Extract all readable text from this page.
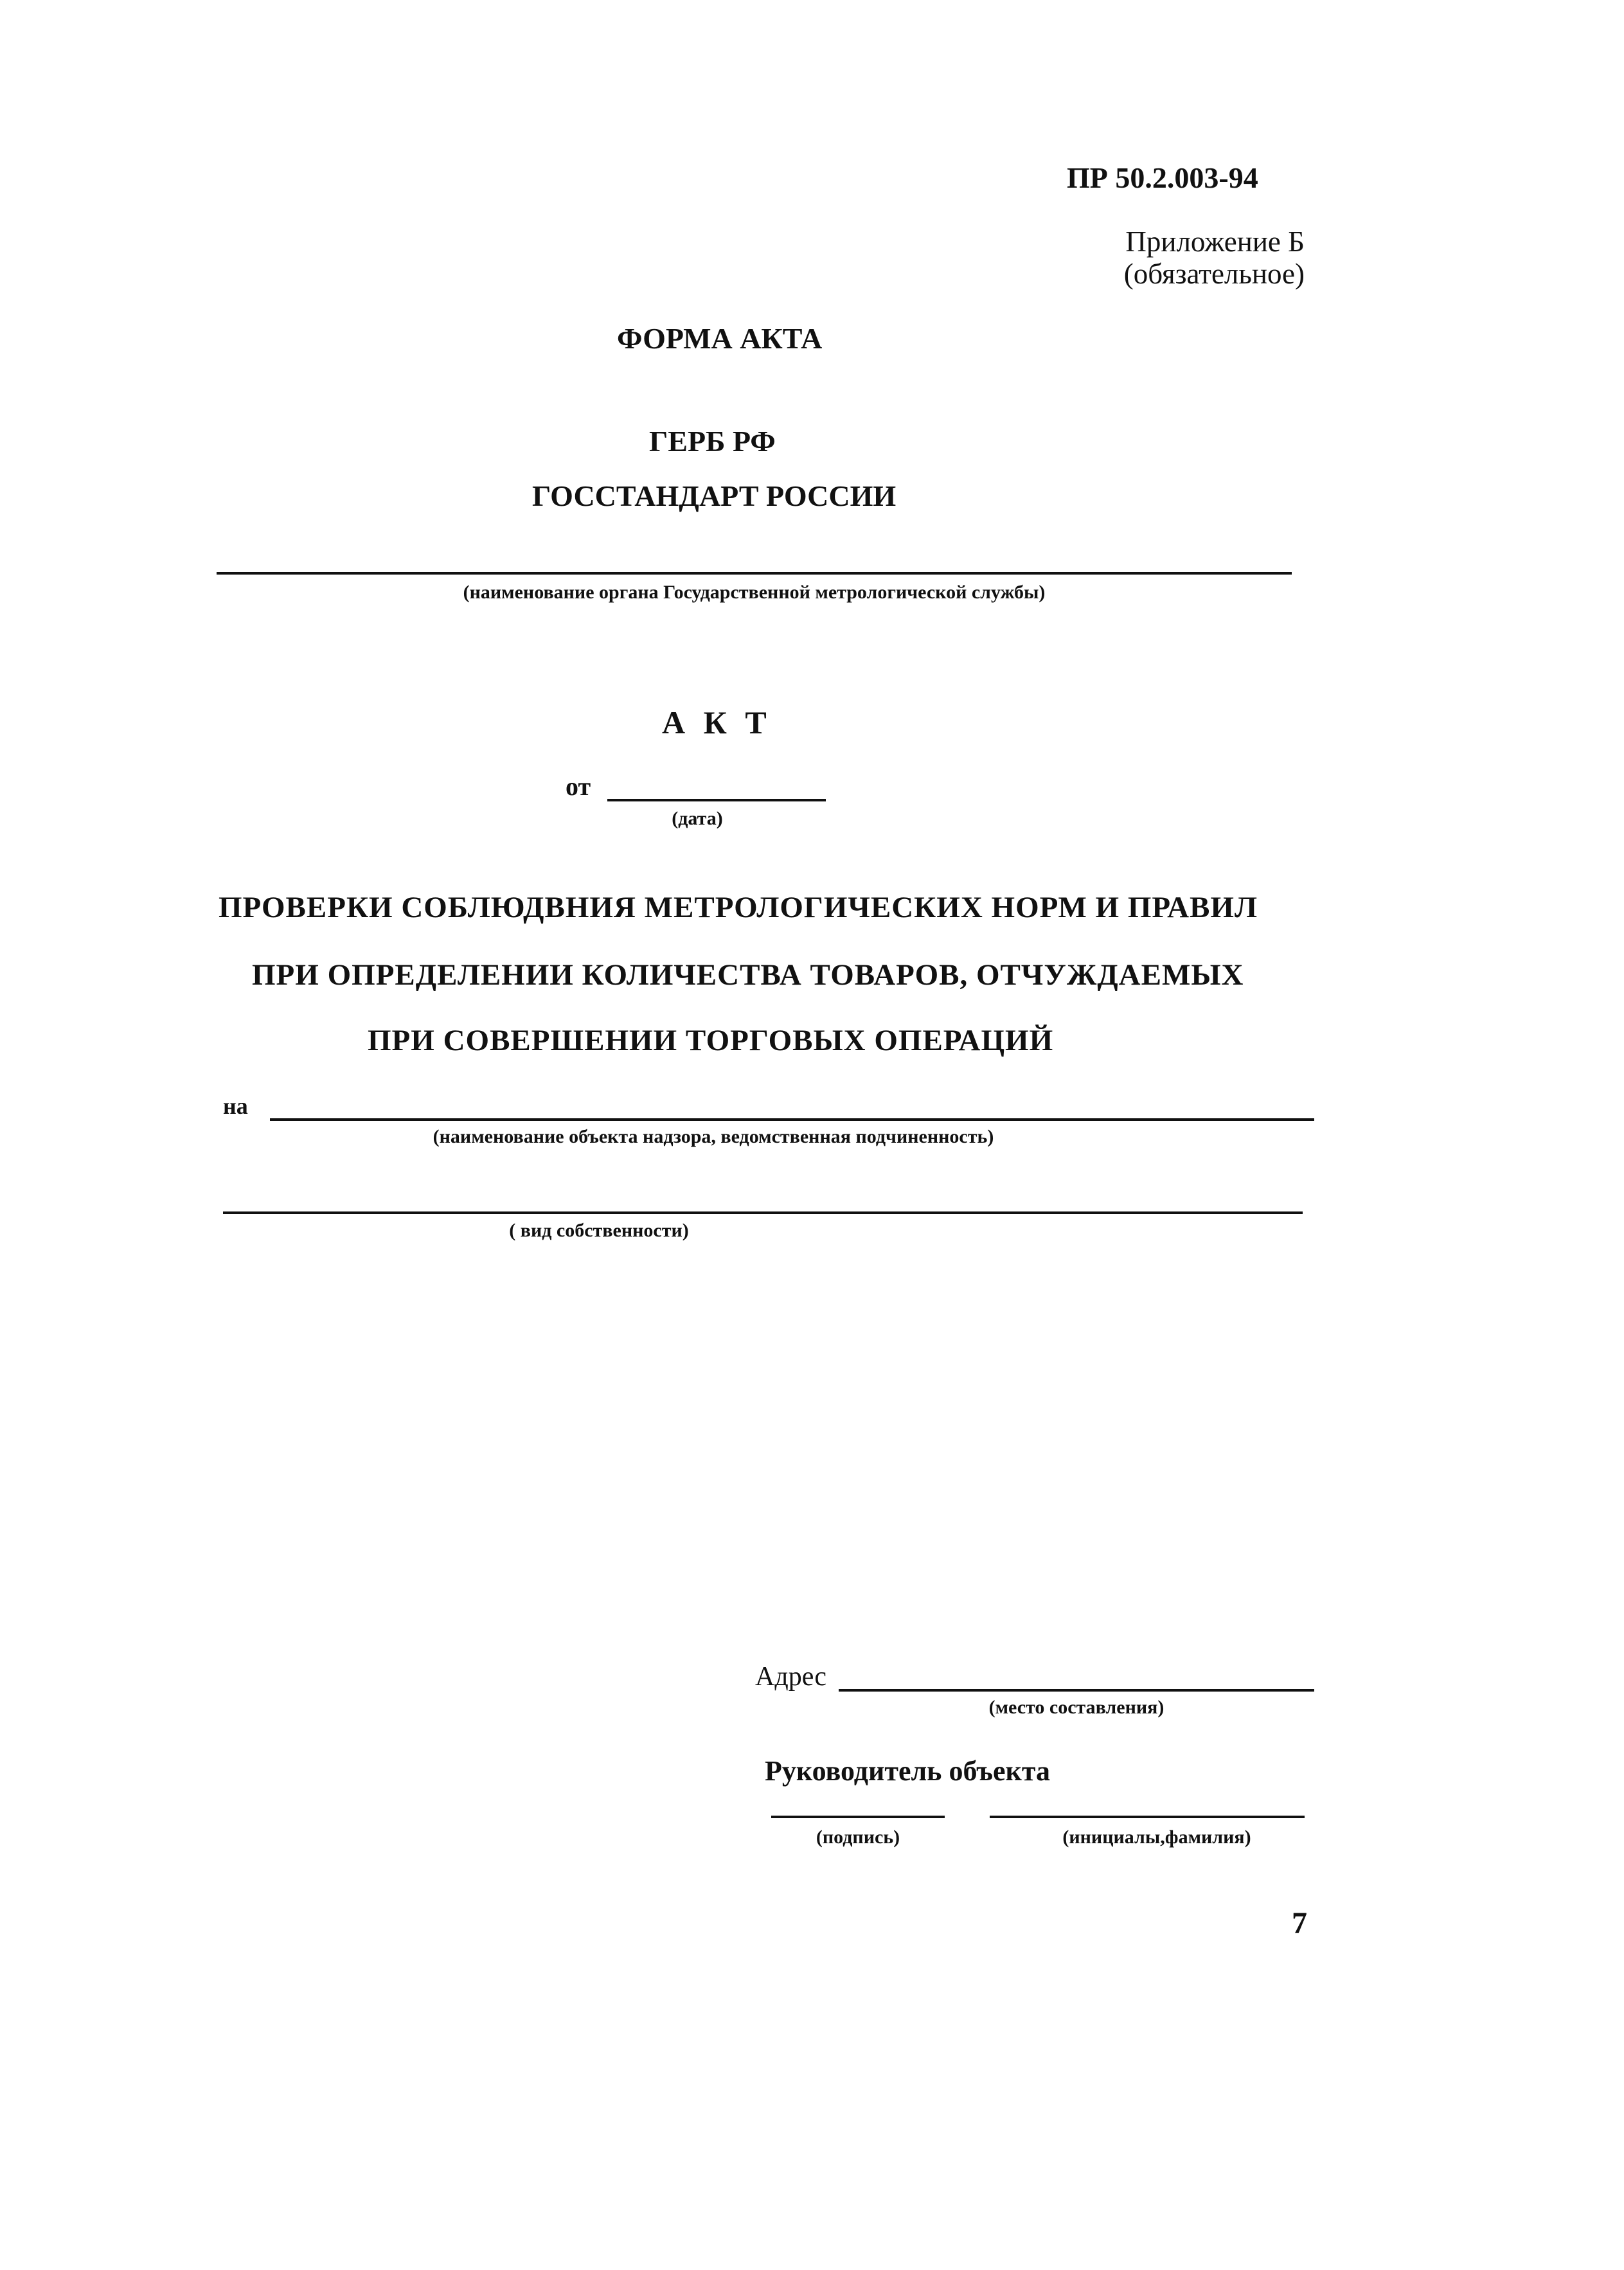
ПР 50.2.003-94
Приложение Б
(обязательное)
ФОРМА АКТА
ГЕРБ РФ
ГОССТАНДАРТ РОССИИ
(наименование органа Государственной метрологической службы)
А К Т
от
(дата)
ПРОВЕРКИ СОБЛЮДВНИЯ МЕТРОЛОГИЧЕСКИХ НОРМ И ПРАВИЛ
ПРИ ОПРЕДЕЛЕНИИ КОЛИЧЕСТВА ТОВАРОВ, ОТЧУЖДАЕМЫХ
ПРИ СОВЕРШЕНИИ ТОРГОВЫХ ОПЕРАЦИЙ
на
(наименование объекта надзора, ведомственная подчиненность)
( вид собственности)
Адрес
(место составления)
Руководитель объекта
(подпись)	(инициалы,фамилия)
7
